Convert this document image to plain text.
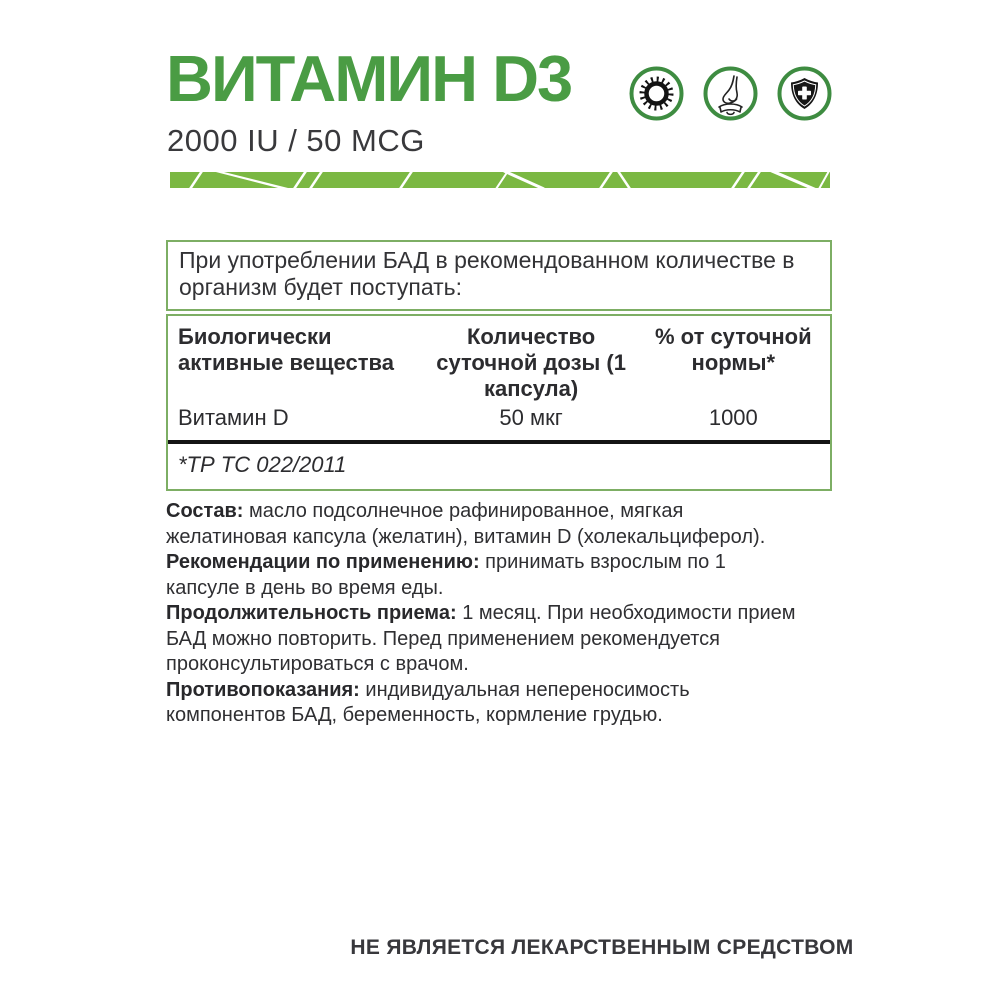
ВИТАМИН D3
2000 IU / 50 MCG
При употреблении БАД в рекомендованном количестве в организм будет поступать:
Биологически активные вещества
Количество суточной дозы (1 капсула)
% от суточной нормы*
Витамин D	50 мкг	1000
*ТР ТС 022/2011

Состав: масло подсолнечное рафинированное, мягкая желатиновая капсула (желатин), витамин D (холекальциферол).

Рекомендации по применению: принимать взрослым по 1 капсуле в день во время еды.

Продолжительность приема: 1 месяц. При необходимости прием БАД можно повторить. Перед применением рекомендуется проконсультироваться с врачом.

Противопоказания: индивидуальная непереносимость компонентов БАД, беременность, кормление грудью.

НЕ ЯВЛЯЕТСЯ ЛЕКАРСТВЕННЫМ СРЕДСТВОМ
